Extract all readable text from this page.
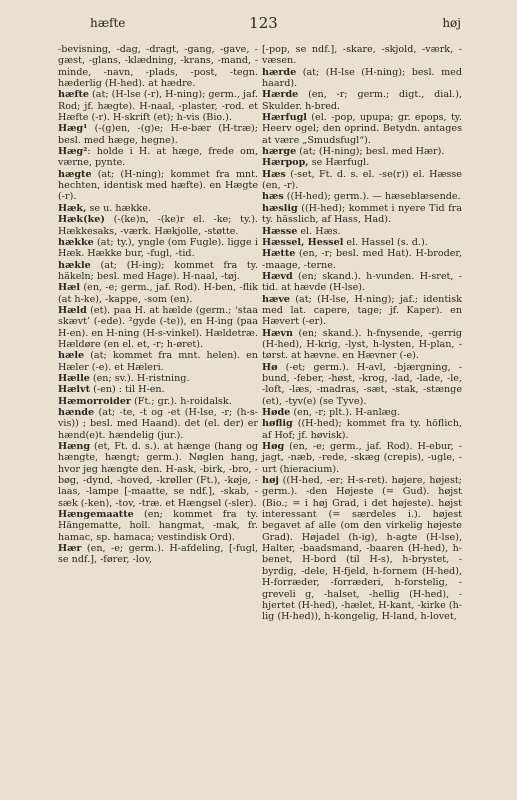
hæfte	123	høj

-bevisning, -dag, -dragt, -gang, -gave, -gæst, -glans, -klædning, -krans, -mand, -minde, -navn, -plads, -post, -tegn. hæderlig (H-hed). at hædre.

hæfte (at; (H-lse (-r), H-ning); germ., jaf. Rod; jf. hægte). H-naal, -plaster, -rod. et Hæfte (-r). H-skrift (et); h-vis (Bio.).

Hæg¹ (-(g)en, -(g)e; H-e-bær (H-træ); besl. med hæge, hegne).

Hæg²: holde i H. at hæge, frede om, værne, pynte.

hægte (at; (H-ning); kommet fra mnt. hechten, identisk med hæfte). en Hægte (-r).

Hæk, se u. hække.

Hæk(ke) (-(ke)n, -(ke)r el. -ke; ty.). Hækkesaks, -værk. Hækjolle, -støtte.

hække (at; ty.), yngle (om Fugle). ligge i Hæk. Hække bur, -fugl, -tid.

hækle (at; (H-ing); kommet fra ty. häkeln; besl. med Hage). H-naal, -tøj.

Hæl (en, -e; germ., jaf. Rod). H-ben, -flik (at h-ke), -kappe, -som (en).

Hæld (et). paa H. at hælde (germ.; ‘staa skævt’ (-ede). ²gyde (-te)), en H-ing (paa H-en). en H-ning (H-s-vinkel). Hældetræ. Hældøre (en el. et, -r; h-øret).

hæle (at; kommet fra mnt. helen). en Hæler (-e). et Hæleri.

Hælle (en; sv.). H-ristning.

Hælvt (-en) : til H-en.

Hæmorroider (Ft.; gr.). h-roidalsk.

hænde (at; -te, -t og -et (H-lse, -r; (h-s-vis)) ; besl. med Haand). det (el. der) er hænd(e)t. hændelig (jur.).

Hæng (et, Ft. d. s.). at hænge (hang og hængte, hængt; germ.). Nøglen hang, hvor jeg hængte den. H-ask, -birk, -bro, -bøg, -dynd, -hoved, -krøller (Ft.), -køje, -laas, -lampe [-maatte, se ndf.], -skab, -sæk (-ken), -tov, -træ. et Hængsel (-sler).

Hængemaatte (en; kommet fra ty. Hängematte, holl. hangmat, -mak, fr. hamac, sp. hamaca; vestindisk Ord).

Hær (en, -e; germ.). H-afdeling, [-fugl, se ndf.], -fører, -lov,

[-pop, se ndf.], -skare, -skjold, -værk, -væsen.

hærde (at; (H-lse (H-ning); besl. med haard).

Hærde (en, -r; germ.; digt., dial.), Skulder. h-bred.

Hærfugl (el. -pop, upupa; gr. epops, ty. Heerv ogel; den oprind. Betydn. antages at være „Smudsfugl“).

hærge (at; (H-ning); besl. med Hær).

Hærpop, se Hærfugl.

Hæs (-set, Ft. d. s. el. -se(r)) el. Hæsse (en, -r).

hæs ((H-hed); germ.). — hæseblæsende.

hæslig ((H-hed); kommet i nyere Tid fra ty. hässlich, af Hass, Had).

Hæsse el. Hæs.

Hæssel, Hessel el. Hassel (s. d.).

Hætte (en, -r; besl. med Hat). H-broder, -maage, -terne.

Hævd (en; skand.). h-vunden. H-sret, -tid. at hævde (H-lse).

hæve (at; (H-lse, H-ning); jaf.; identisk med lat. capere, tage; jf. Kaper). en Hævert (-er).

Hævn (en; skand.). h-fnysende, -gerrig (H-hed), H-krig, -lyst, h-lysten, H-plan, -tørst. at hævne. en Hævner (-e).

Hø (-et; germ.). H-avl, -bjærgning, -bund, -feber, -høst, -krog, -lad, -lade, -le, -loft, -læs, -madras, -sæt, -stak, -stænge (et), -tyv(e) (se Tyve).

Høde (en, -r; plt.). H-anlæg.

høflig ((H-hed); kommet fra ty. höflich, af Hof; jf. høvisk).

Høg (en, -e; germ., jaf. Rod). H-ebur, -jagt, -næb, -rede, -skæg (crepis), -ugle, -urt (hieracium).

høj ((H-hed, -er; H-s-ret). højere, højest; germ.). -den Højeste (= Gud). højst (Bio.; = i høj Grad, i det højeste). højst interessant (= særdeles i.). højest begavet af alle (om den virkelig højeste Grad). Højadel (h-ig), h-agte (H-lse), Halter, -baadsmand, -baaren (H-hed), h-benet, H-bord (til H-s), h-brystet, -byrdig, -dele, H-fjeld, h-fornem (H-hed), H-forræder, -forræderi, h-forstelig, -greveli g, -halset, -hellig (H-hed), -hjertet (H-hed), -hælet, H-kant, -kirke (h-lig (H-hed)), h-kongelig, H-land, h-lovet,
